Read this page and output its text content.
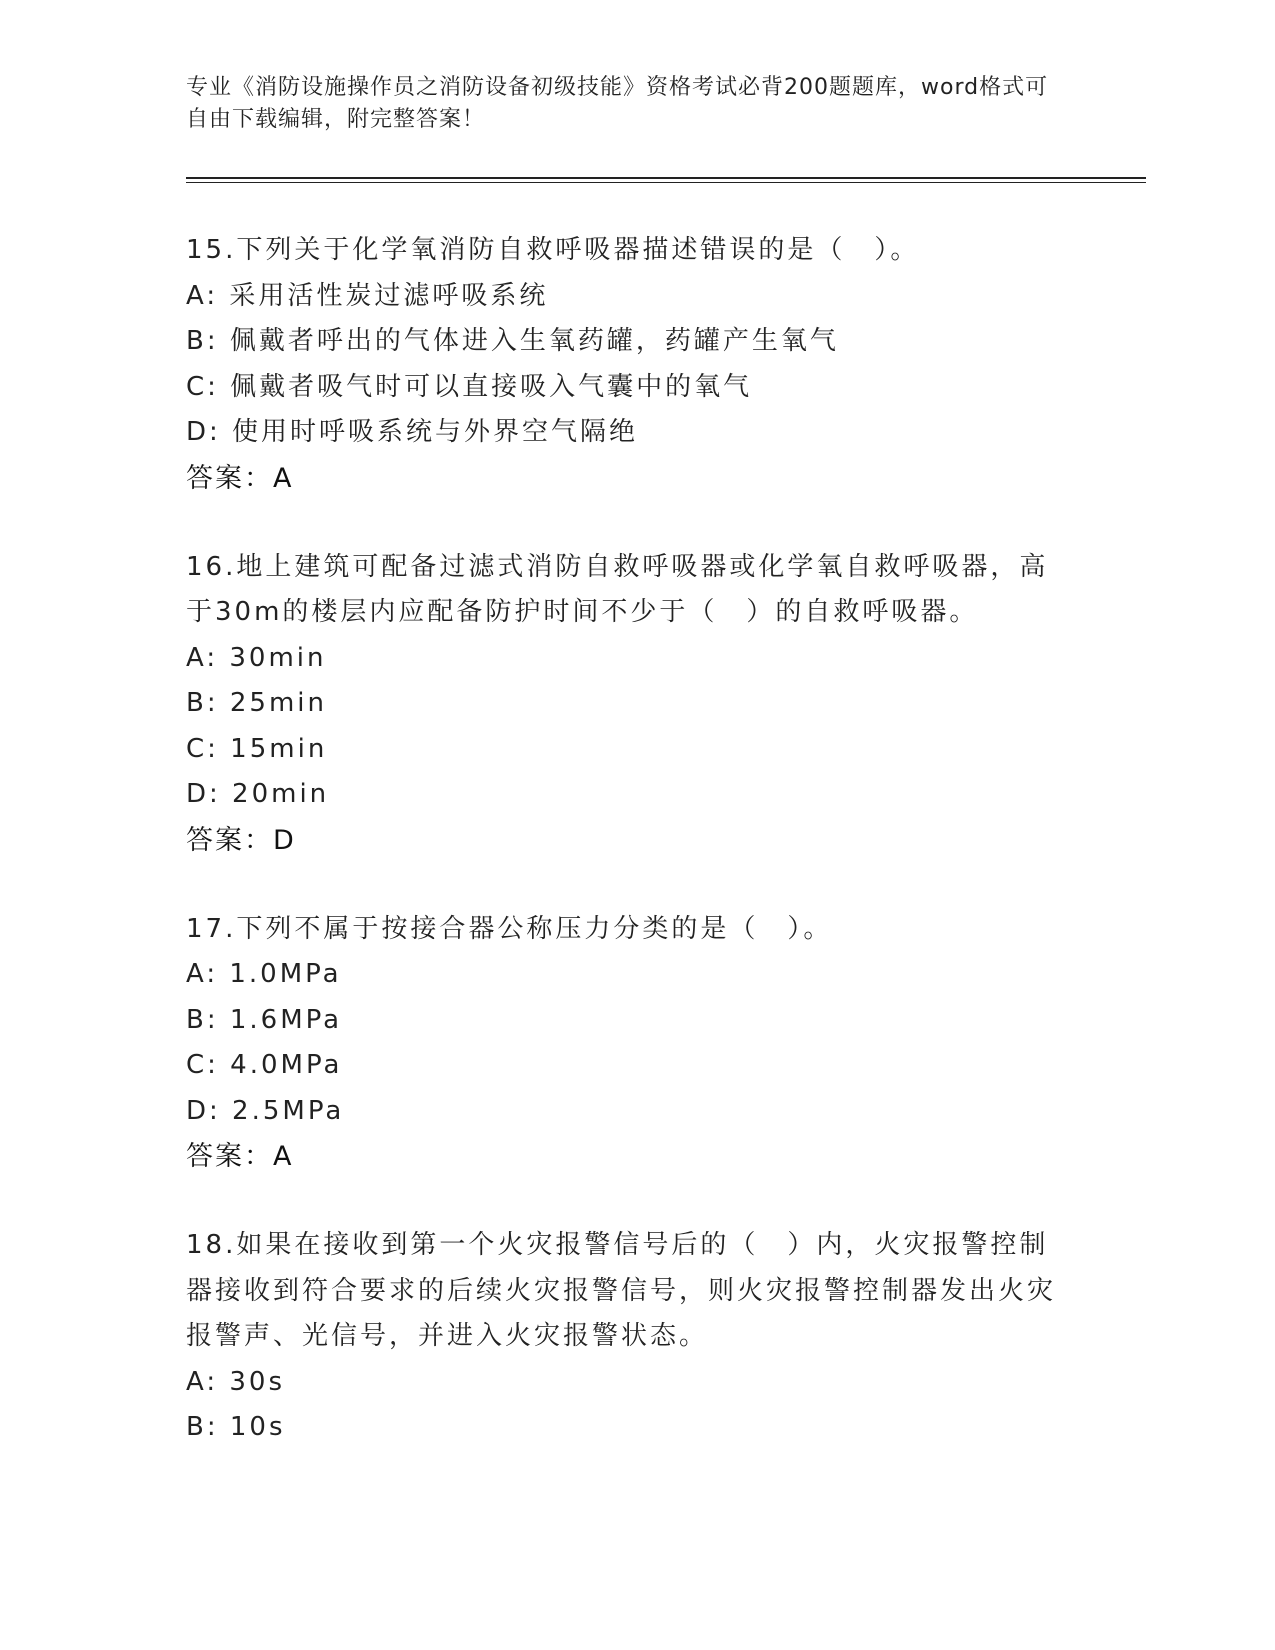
专业《消防设施操作员之消防设备初级技能》资格考试必背200题题库，word格式可自由下载编辑，附完整答案！
15.下列关于化学氧消防自救呼吸器描述错误的是（　）。
A: 采用活性炭过滤呼吸系统
B: 佩戴者呼出的气体进入生氧药罐，药罐产生氧气
C: 佩戴者吸气时可以直接吸入气囊中的氧气
D: 使用时呼吸系统与外界空气隔绝
答案：A
16.地上建筑可配备过滤式消防自救呼吸器或化学氧自救呼吸器，高于30m的楼层内应配备防护时间不少于（　）的自救呼吸器。
A: 30min
B: 25min
C: 15min
D: 20min
答案：D
17.下列不属于按接合器公称压力分类的是（　）。
A: 1.0MPa
B: 1.6MPa
C: 4.0MPa
D: 2.5MPa
答案：A
18.如果在接收到第一个火灾报警信号后的（　）内，火灾报警控制器接收到符合要求的后续火灾报警信号，则火灾报警控制器发出火灾报警声、光信号，并进入火灾报警状态。
A: 30s
B: 10s
